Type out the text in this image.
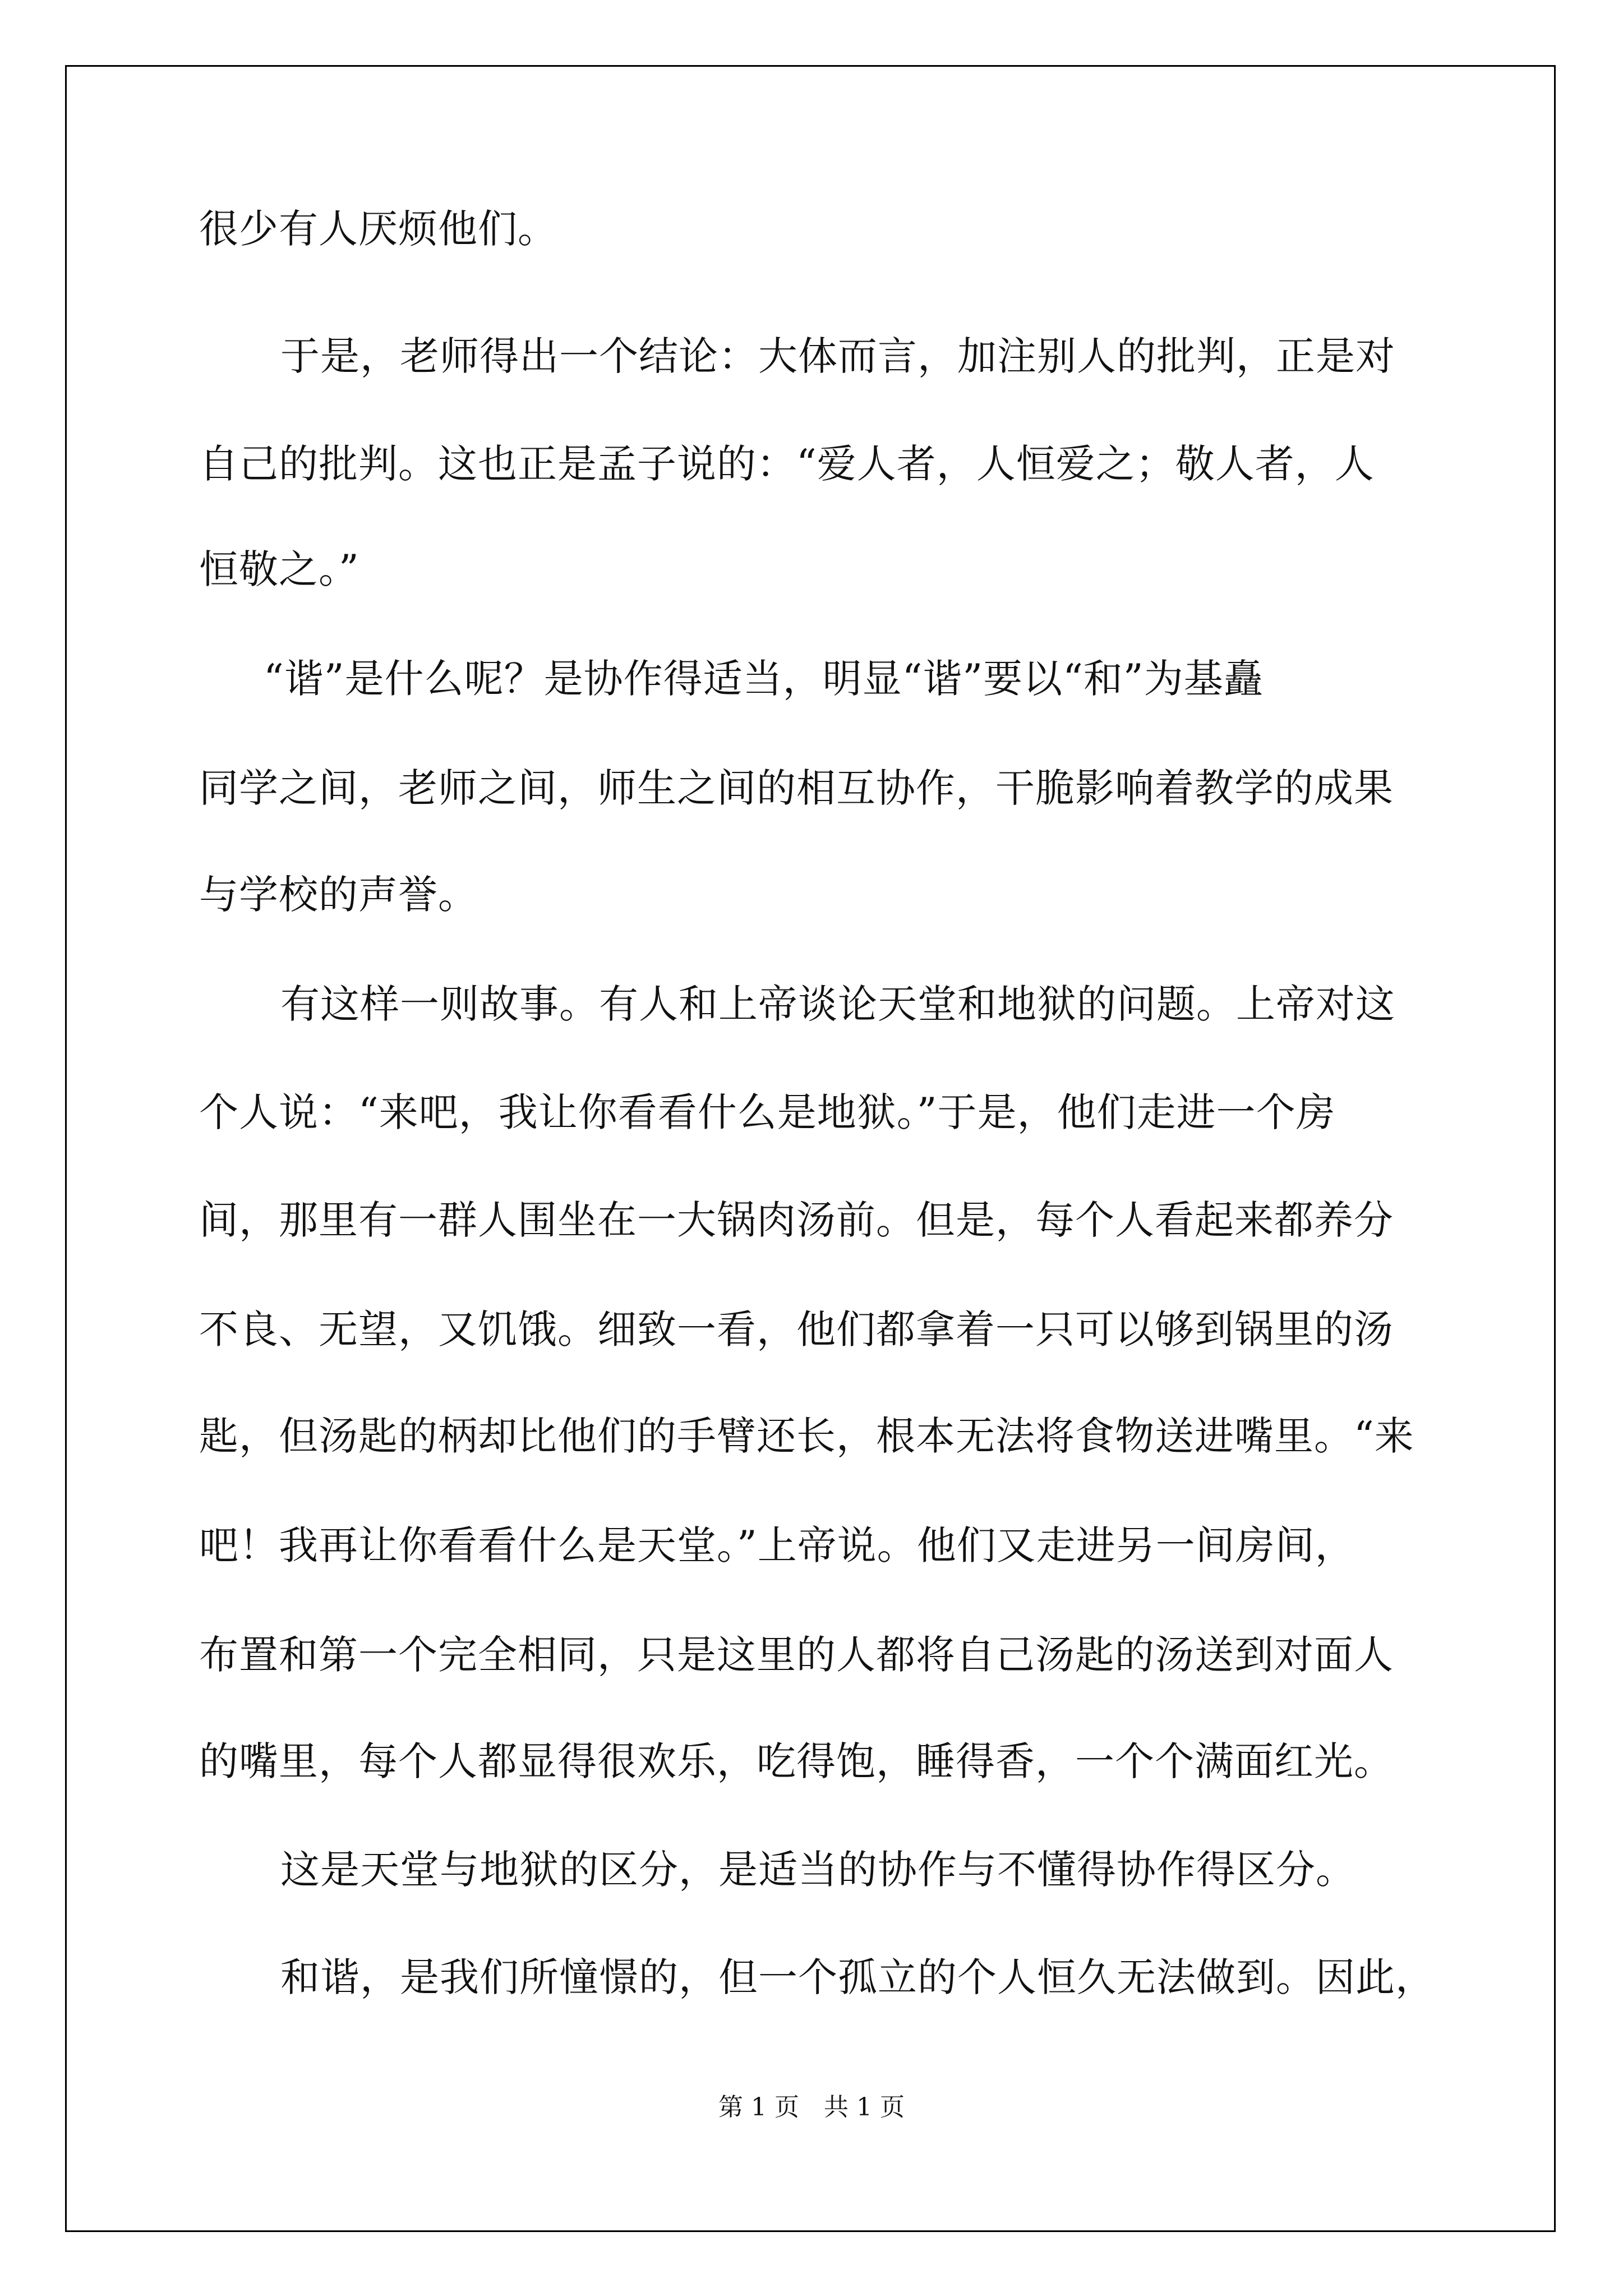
很少有人厌烦他们。

于是，老师得出一个结论：大体而言，加注别人的批判，正是对

自己的批判。这也正是孟子说的：“爱人者，人恒爱之；敬人者，人

恒敬之。”

“谐”是什么呢？是协作得适当，明显“谐”要以“和”为基矗

同学之间，老师之间，师生之间的相互协作，干脆影响着教学的成果

与学校的声誉。

有这样一则故事。有人和上帝谈论天堂和地狱的问题。上帝对这

个人说：“来吧，我让你看看什么是地狱。”于是，他们走进一个房

间，那里有一群人围坐在一大锅肉汤前。但是，每个人看起来都养分

不良、无望，又饥饿。细致一看，他们都拿着一只可以够到锅里的汤

匙，但汤匙的柄却比他们的手臂还长，根本无法将食物送进嘴里。“来

吧！我再让你看看什么是天堂。”上帝说。他们又走进另一间房间，

布置和第一个完全相同，只是这里的人都将自己汤匙的汤送到对面人

的嘴里，每个人都显得很欢乐，吃得饱，睡得香，一个个满面红光。

这是天堂与地狱的区分，是适当的协作与不懂得协作得区分。

和谐，是我们所憧憬的，但一个孤立的个人恒久无法做到。因此，

第 1 页　共 1 页
